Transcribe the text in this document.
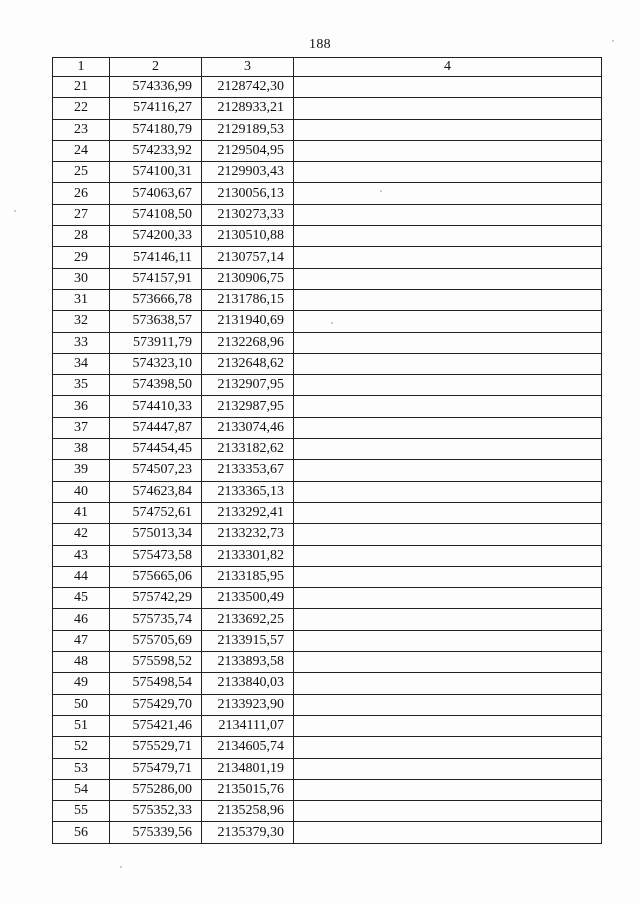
188
1	2	3	4
21	574336,99	2128742,30	
22	574116,27	2128933,21	
23	574180,79	2129189,53	
24	574233,92	2129504,95	
25	574100,31	2129903,43	
26	574063,67	2130056,13	
27	574108,50	2130273,33	
28	574200,33	2130510,88	
29	574146,11	2130757,14	
30	574157,91	2130906,75	
31	573666,78	2131786,15	
32	573638,57	2131940,69	
33	573911,79	2132268,96	
34	574323,10	2132648,62	
35	574398,50	2132907,95	
36	574410,33	2132987,95	
37	574447,87	2133074,46	
38	574454,45	2133182,62	
39	574507,23	2133353,67	
40	574623,84	2133365,13	
41	574752,61	2133292,41	
42	575013,34	2133232,73	
43	575473,58	2133301,82	
44	575665,06	2133185,95	
45	575742,29	2133500,49	
46	575735,74	2133692,25	
47	575705,69	2133915,57	
48	575598,52	2133893,58	
49	575498,54	2133840,03	
50	575429,70	2133923,90	
51	575421,46	2134111,07	
52	575529,71	2134605,74	
53	575479,71	2134801,19	
54	575286,00	2135015,76	
55	575352,33	2135258,96	
56	575339,56	2135379,30	
